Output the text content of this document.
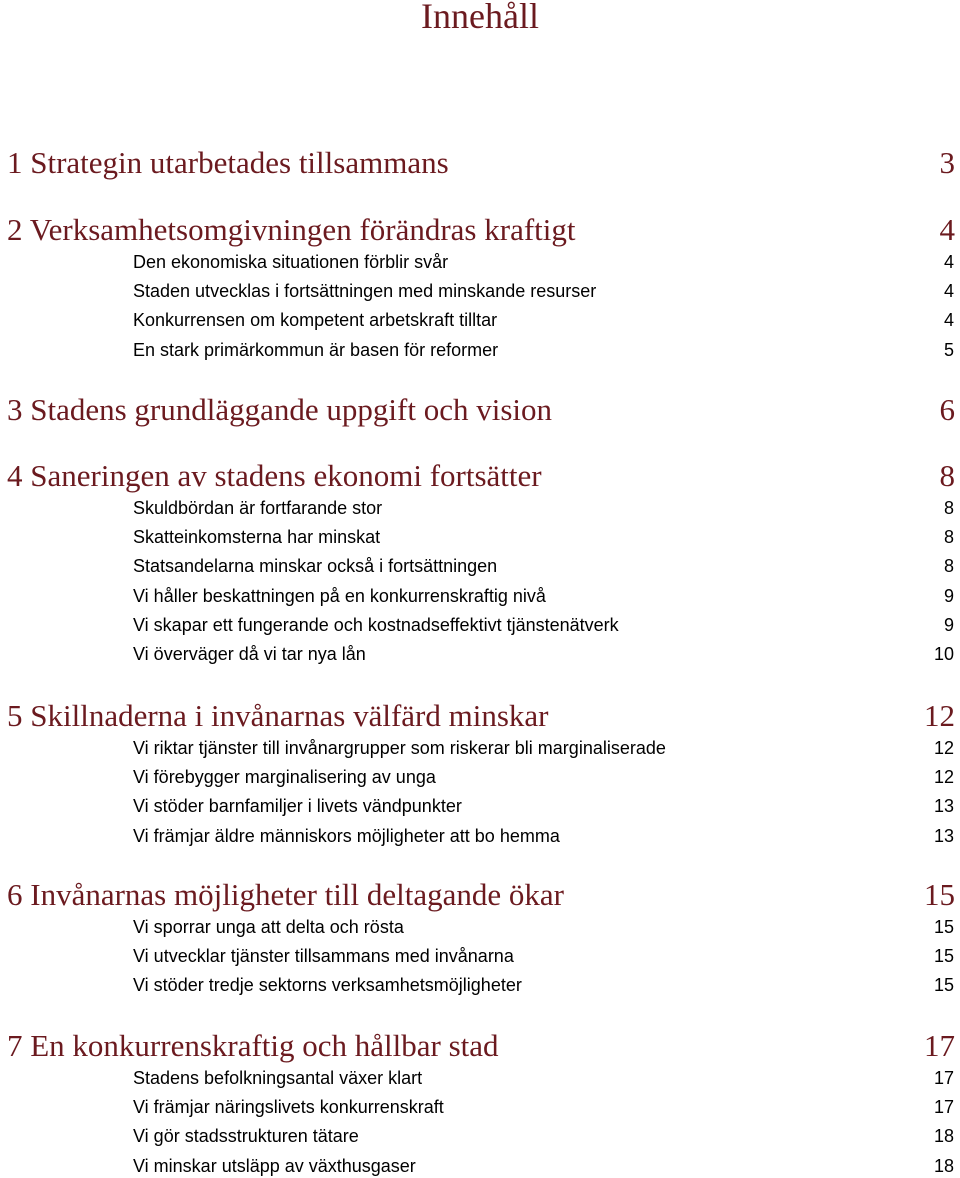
Innehåll
1 Strategin utarbetades tillsammans	3
2 Verksamhetsomgivningen förändras kraftigt	4
Den ekonomiska situationen förblir svår	4
Staden utvecklas i fortsättningen med minskande resurser	4
Konkurrensen om kompetent arbetskraft tilltar	4
En stark primärkommun är basen för reformer	5
3 Stadens grundläggande uppgift och vision	6
4 Saneringen av stadens ekonomi fortsätter	8
Skuldbördan är fortfarande stor	8
Skatteinkomsterna har minskat	8
Statsandelarna minskar också i fortsättningen	8
Vi håller beskattningen på en konkurrenskraftig nivå	9
Vi skapar ett fungerande och kostnadseffektivt tjänstenätverk	9
Vi överväger då vi tar nya lån	10
5 Skillnaderna i invånarnas välfärd minskar	12
Vi riktar tjänster till invånargrupper som riskerar bli marginaliserade	12
Vi förebygger marginalisering av unga	12
Vi stöder barnfamiljer i livets vändpunkter	13
Vi främjar äldre människors möjligheter att bo hemma	13
6 Invånarnas möjligheter till deltagande ökar	15
Vi sporrar unga att delta och rösta	15
Vi utvecklar tjänster tillsammans med invånarna	15
Vi stöder tredje sektorns verksamhetsmöjligheter	15
7 En konkurrenskraftig och hållbar stad	17
Stadens befolkningsantal växer klart	17
Vi främjar näringslivets konkurrenskraft	17
Vi gör stadsstrukturen tätare	18
Vi minskar utsläpp av växthusgaser	18
